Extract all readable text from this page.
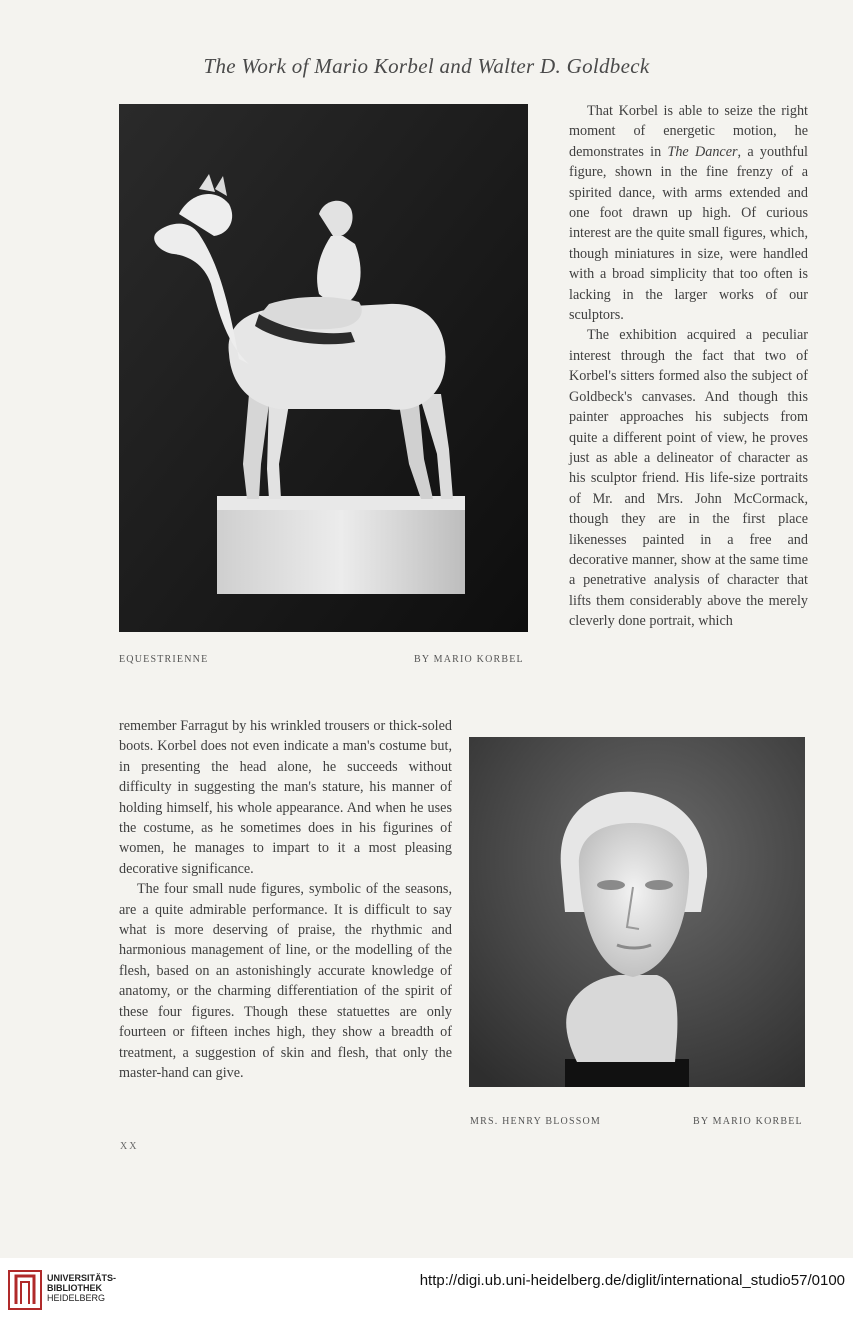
The Work of Mario Korbel and Walter D. Goldbeck
EQUESTRIENNE	BY MARIO KORBEL

That Korbel is able to seize the right moment of energetic motion, he demonstrates in The Dancer, a youthful figure, shown in the fine frenzy of a spirited dance, with arms extended and one foot drawn up high. Of curious interest are the quite small figures, which, though miniatures in size, were handled with a broad simplicity that too often is lacking in the larger works of our sculptors.

The exhibition acquired a peculiar interest through the fact that two of Korbel's sitters formed also the subject of Goldbeck's canvases. And though this painter approaches his subjects from quite a different point of view, he proves just as able a delineator of character as his sculptor friend. His life-size portraits of Mr. and Mrs. John McCormack, though they are in the first place likenesses painted in a free and decorative manner, show at the same time a penetrative analysis of character that lifts them considerably above the merely cleverly done portrait, which

remember Farragut by his wrinkled trousers or thick-soled boots. Korbel does not even indicate a man's costume but, in presenting the head alone, he succeeds without difficulty in suggesting the man's stature, his manner of holding himself, his whole appearance. And when he uses the costume, as he sometimes does in his figurines of women, he manages to impart to it a most pleasing decorative significance.

The four small nude figures, symbolic of the seasons, are a quite admirable performance. It is difficult to say what is more deserving of praise, the rhythmic and harmonious management of line, or the modelling of the flesh, based on an astonishingly accurate knowledge of anatomy, or the charming differentiation of the spirit of these four figures. Though these statuettes are only fourteen or fifteen inches high, they show a breadth of treatment, a suggestion of skin and flesh, that only the master-hand can give.

MRS. HENRY BLOSSOM	BY MARIO KORBEL
XX
UNIVERSITÄTS-
BIBLIOTHEK
HEIDELBERG
http://digi.ub.uni-heidelberg.de/diglit/international_studio57/0100
